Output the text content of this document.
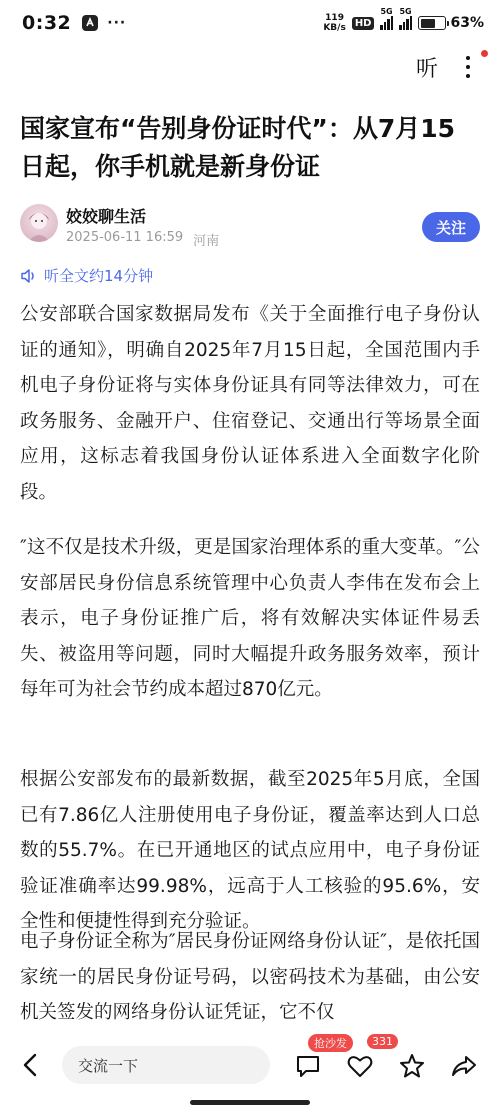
0:32	···	119
KB/s HD
5G 5G
63%
听
国家宣布“告别身份证时代”：从7月15日起，你手机就是新身份证
姣姣聊生活
2025-06-11 16:59 河南
关注
听全文约14分钟

公安部联合国家数据局发布《关于全面推行电子身份认证的通知》，明确自2025年7月15日起，全国范围内手机电子身份证将与实体身份证具有同等法律效力，可在政务服务、金融开户、住宿登记、交通出行等场景全面应用，这标志着我国身份认证体系进入全面数字化阶段。

″这不仅是技术升级，更是国家治理体系的重大变革。″公安部居民身份信息系统管理中心负责人李伟在发布会上表示，电子身份证推广后，将有效解决实体证件易丢失、被盗用等问题，同时大幅提升政务服务效率，预计每年可为社会节约成本超过870亿元。

根据公安部发布的最新数据，截至2025年5月底，全国已有7.86亿人注册使用电子身份证，覆盖率达到人口总数的55.7%。在已开通地区的试点应用中，电子身份证验证准确率达99.98%，远高于人工核验的95.6%，安全性和便捷性得到充分验证。

电子身份证全称为″居民身份证网络身份认证″，是依托国家统一的居民身份证号码，以密码技术为基础，由公安机关签发的网络身份认证凭证，它不仅

交流一下
抢沙发	331
